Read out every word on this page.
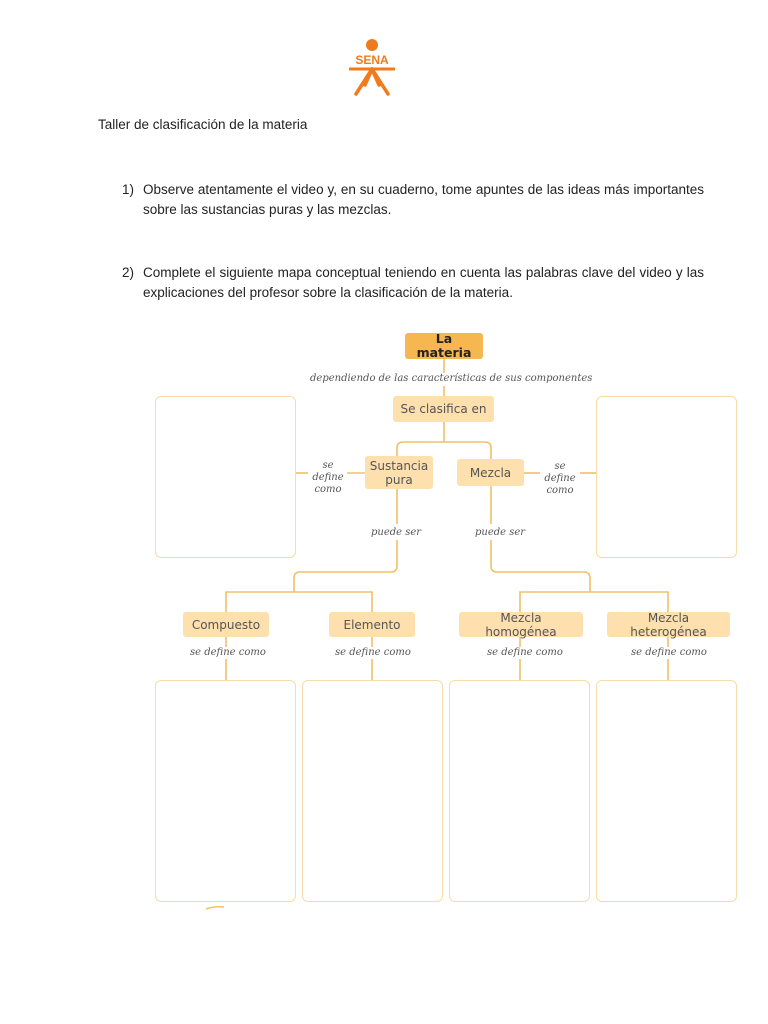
SENA
Taller de clasificación de la materia
1) Observe atentamente el video y, en su cuaderno, tome apuntes de las ideas más importantes sobre las sustancias puras y las mezclas.
2) Complete el siguiente mapa conceptual teniendo en cuenta las palabras clave del video y las explicaciones del profesor sobre la clasificación de la materia.
La materia
dependiendo de las características de sus componentes
Se clasifica en
Sustancia pura	Mezcla
se define como
se define como
puede ser	puede ser
Compuesto	Elemento	Mezcla homogénea
Mezcla heterogénea
se define como	se define como	se define como	se define como
